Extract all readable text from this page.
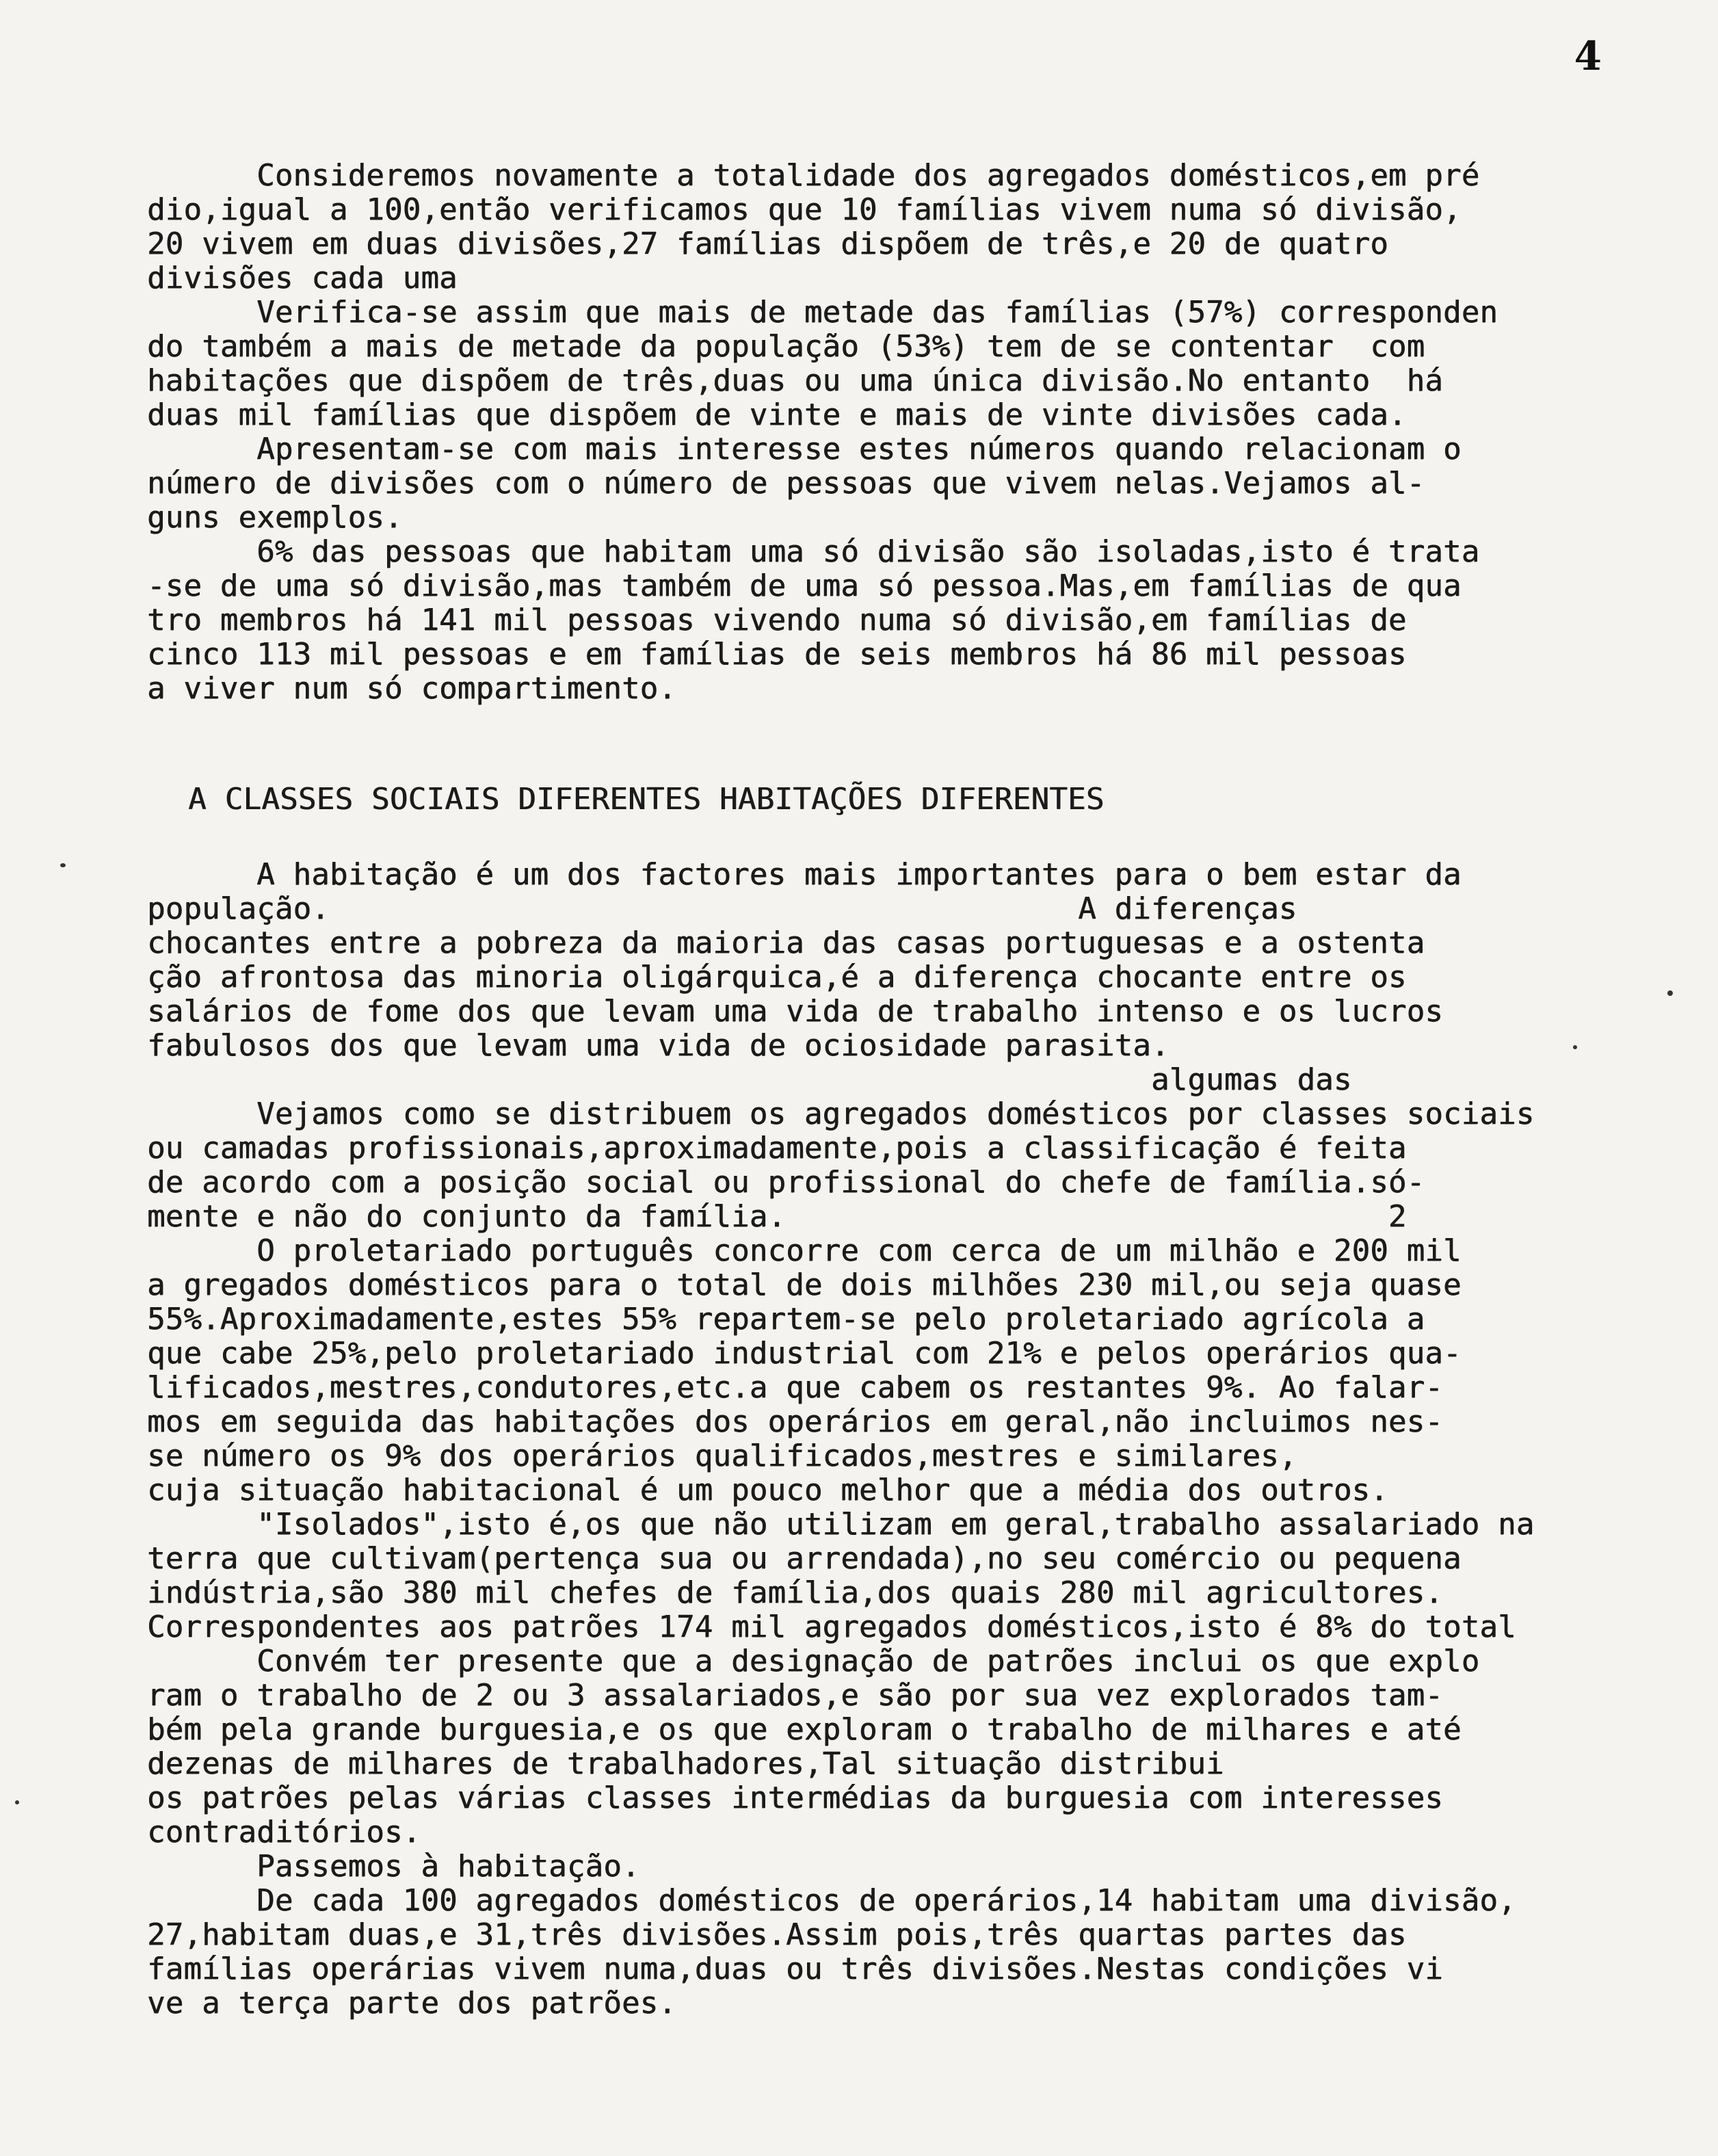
4
Consideremos novamente a totalidade dos agregados domésticos,em pré
dio,igual a 100,então verificamos que 10 famílias vivem numa só divisão,
20 vivem em duas divisões,27 famílias dispõem de três,e 20 de quatro
divisões cada uma
Verifica-se assim que mais de metade das famílias (57%) corresponden
do também a mais de metade da população (53%) tem de se contentar  com
habitações que dispõem de três,duas ou uma única divisão.No entanto  há
duas mil famílias que dispõem de vinte e mais de vinte divisões cada.
Apresentam-se com mais interesse estes números quando relacionam o
número de divisões com o número de pessoas que vivem nelas.Vejamos al-
guns exemplos.
6% das pessoas que habitam uma só divisão são isoladas,isto é trata
-se de uma só divisão,mas também de uma só pessoa.Mas,em famílias de qua
tro membros há 141 mil pessoas vivendo numa só divisão,em famílias de
cinco 113 mil pessoas e em famílias de seis membros há 86 mil pessoas
a viver num só compartimento.
A CLASSES SOCIAIS DIFERENTES HABITAÇÕES DIFERENTES
A habitação é um dos factores mais importantes para o bem estar da
população.                                         A diferenças
chocantes entre a pobreza da maioria das casas portuguesas e a ostenta
ção afrontosa das minoria oligárquica,é a diferença chocante entre os
salários de fome dos que levam uma vida de trabalho intenso e os lucros
fabulosos dos que levam uma vida de ociosidade parasita.
algumas das
Vejamos como se distribuem os agregados domésticos por classes sociais
ou camadas profissionais,aproximadamente,pois a classificação é feita
de acordo com a posição social ou profissional do chefe de família.só-
mente e não do conjunto da família.                                 2
O proletariado português concorre com cerca de um milhão e 200 mil
a gregados domésticos para o total de dois milhões 230 mil,ou seja quase
55%.Aproximadamente,estes 55% repartem-se pelo proletariado agrícola a
que cabe 25%,pelo proletariado industrial com 21% e pelos operários qua-
lificados,mestres,condutores,etc.a que cabem os restantes 9%. Ao falar-
mos em seguida das habitações dos operários em geral,não incluimos nes-
se número os 9% dos operários qualificados,mestres e similares,
cuja situação habitacional é um pouco melhor que a média dos outros.
"Isolados",isto é,os que não utilizam em geral,trabalho assalariado na
terra que cultivam(pertença sua ou arrendada),no seu comércio ou pequena
indústria,são 380 mil chefes de família,dos quais 280 mil agricultores.
Correspondentes aos patrões 174 mil agregados domésticos,isto é 8% do total
Convém ter presente que a designação de patrões inclui os que explo
ram o trabalho de 2 ou 3 assalariados,e são por sua vez explorados tam-
bém pela grande burguesia,e os que exploram o trabalho de milhares e até
dezenas de milhares de trabalhadores,Tal situação distribui
os patrões pelas várias classes intermédias da burguesia com interesses
contraditórios.
Passemos à habitação.
De cada 100 agregados domésticos de operários,14 habitam uma divisão,
27,habitam duas,e 31,três divisões.Assim pois,três quartas partes das
famílias operárias vivem numa,duas ou três divisões.Nestas condições vi
ve a terça parte dos patrões.
